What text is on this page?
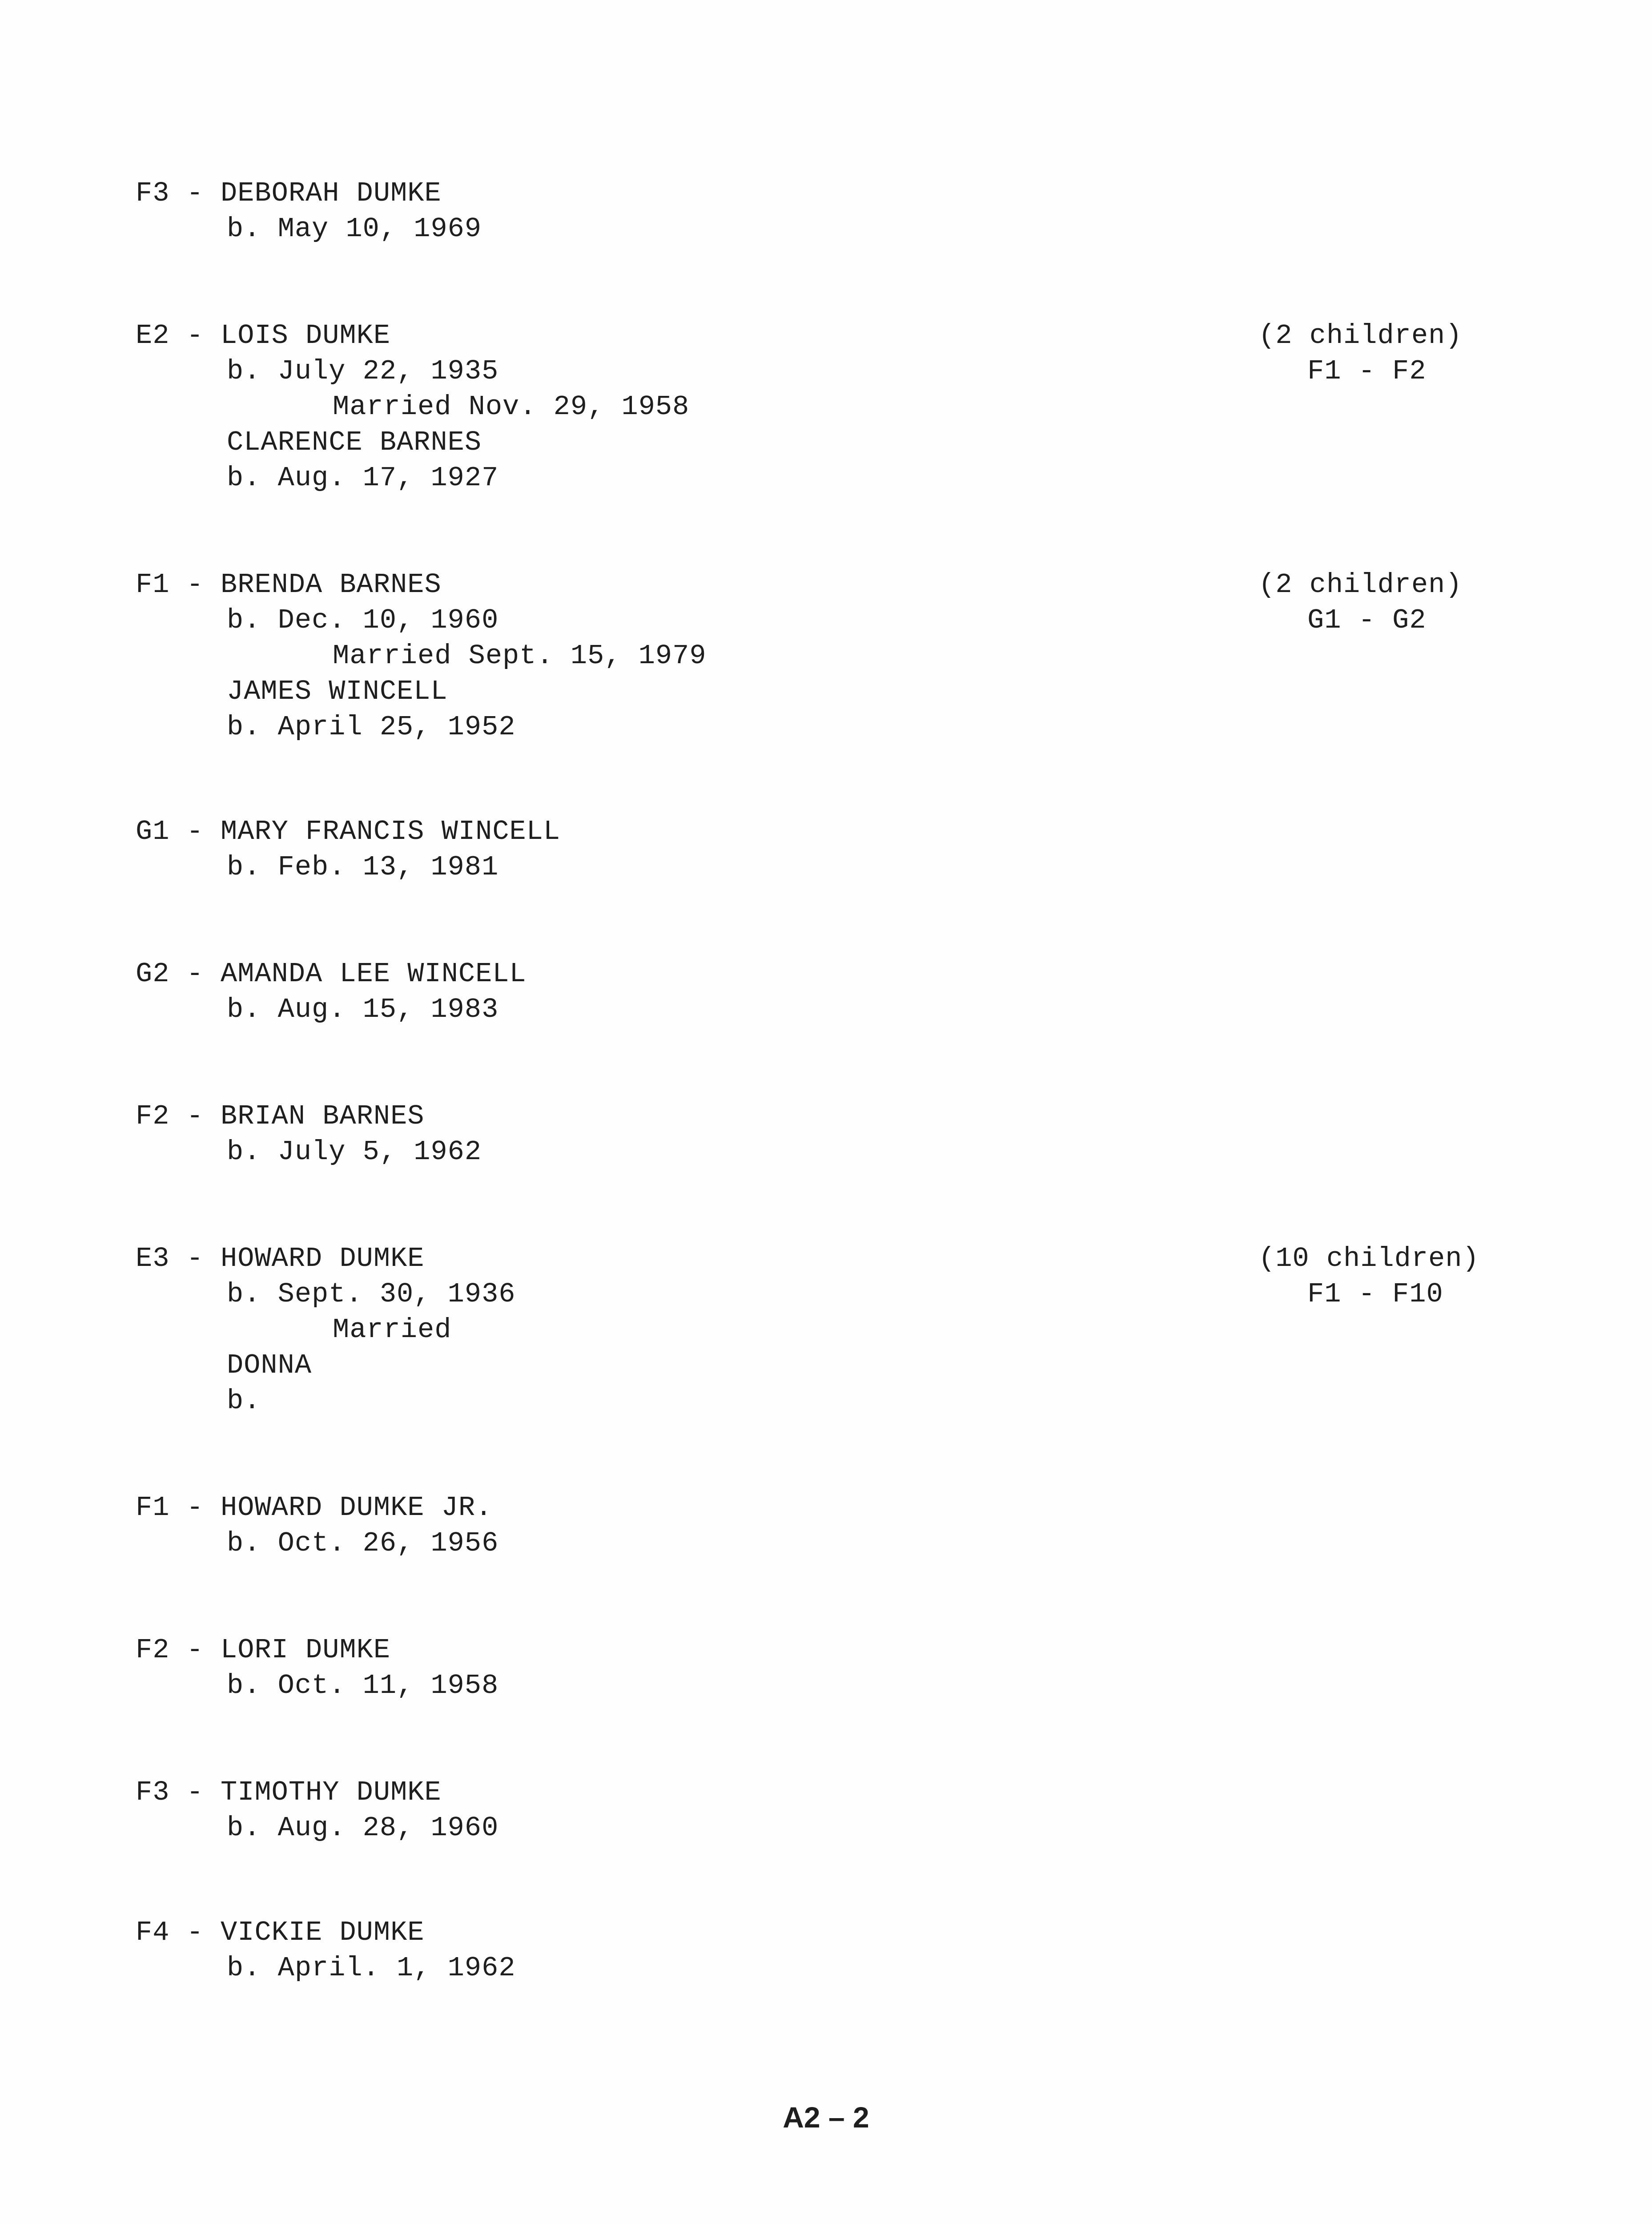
F3 - DEBORAH DUMKE
b. May 10, 1969
E2 - LOIS DUMKE
b. July 22, 1935
Married Nov. 29, 1958
CLARENCE BARNES
b. Aug. 17, 1927
(2 children)
F1 - F2
F1 - BRENDA BARNES
b. Dec. 10, 1960
Married Sept. 15, 1979
JAMES WINCELL
b. April 25, 1952
(2 children)
G1 - G2
G1 - MARY FRANCIS WINCELL
b. Feb. 13, 1981
G2 - AMANDA LEE WINCELL
b. Aug. 15, 1983
F2 - BRIAN BARNES
b. July 5, 1962
E3 - HOWARD DUMKE
b. Sept. 30, 1936
Married
DONNA
b.
(10 children)
F1 - F10
F1 - HOWARD DUMKE JR.
b. Oct. 26, 1956
F2 - LORI DUMKE
b. Oct. 11, 1958
F3 - TIMOTHY DUMKE
b. Aug. 28, 1960
F4 - VICKIE DUMKE
b. April. 1, 1962
A2 – 2
